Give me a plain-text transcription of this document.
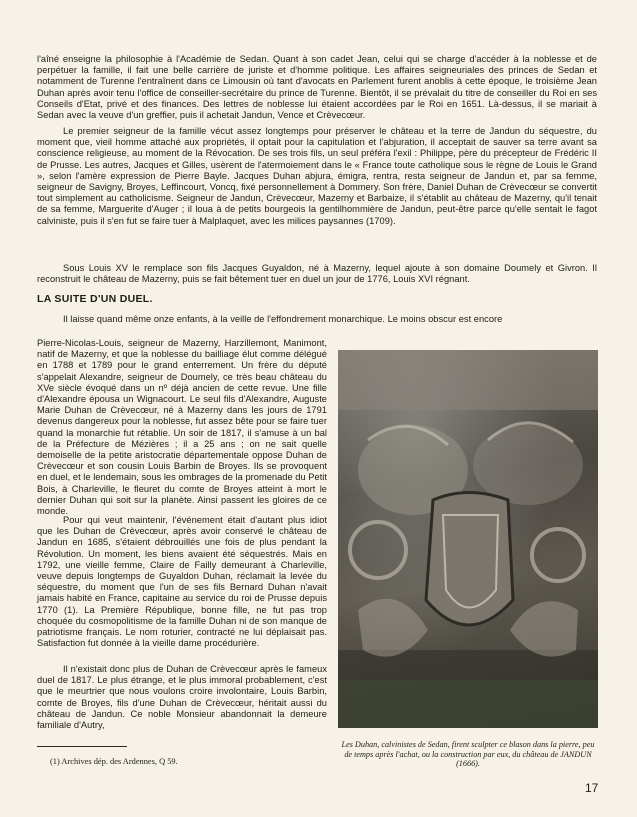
l'aîné enseigne la philosophie à l'Académie de Sedan. Quant à son cadet Jean, celui qui se charge d'accéder à la noblesse et de perpétuer la famille, il fait une belle carrière de juriste et d'homme politique. Les affaires seigneuriales des princes de Sedan et notamment de Turenne l'entraînent dans ce Limousin où tant d'avocats en Parlement furent anoblis à cette époque, le troisième Jean Duhan après avoir tenu l'office de conseiller-secrétaire du prince de Turenne. Bientôt, il se prévalait du titre de conseiller du Roi en ses Conseils d'Etat, privé et des finances. Des lettres de noblesse lui étaient accordées par le Roi en 1651. Là-dessus, il se mariait à Sedan avec la veuve d'un greffier, puis il achetait Jandun, Vence et Crèvecœur.

Le premier seigneur de la famille vécut assez longtemps pour préserver le château et la terre de Jandun du séquestre, du moment que, vieil homme attaché aux propriétés, il optait pour la capitulation et l'abjuration, il acceptait de sauver sa terre avant sa conscience religieuse, au moment de la Révocation. De ses trois fils, un seul préféra l'exil : Philippe, père du précepteur de Frédéric II de Prusse. Les autres, Jacques et Gilles, usèrent de l'atermoiement dans le « France toute catholique sous le règne de Louis le Grand », selon l'amère expression de Pierre Bayle. Jacques Duhan abjura, émigra, rentra, resta seigneur de Jandun et, par sa femme, seigneur de Savigny, Broyes, Leffincourt, Voncq, fixé personnellement à Dommery. Son frère, Daniel Duhan de Crèvecœur se convertit tout simplement au catholicisme. Seigneur de Jandun, Crèvecœur, Mazerny et Barbaize, il s'établit au château de Mazerny, qu'il tenait de sa femme, Marguerite d'Auger ; il loua à de petits bourgeois la gentilhommière de Jandun, peut-être parce qu'elle sentait le fagot calviniste, puis il s'en fut se faire tuer à Malplaquet, avec les milices paysannes (1709).

Sous Louis XV le remplace son fils Jacques Guyaldon, né à Mazerny, lequel ajoute à son domaine Doumely et Givron. Il reconstruit le château de Mazerny, puis se fait bêtement tuer en duel un jour de 1776, Louis XVI régnant.

LA SUITE D'UN DUEL.

Il laisse quand même onze enfants, à la veille de l'effondrement monarchique. Le moins obscur est encore

Pierre-Nicolas-Louis, seigneur de Mazerny, Harzillemont, Manimont, natif de Mazerny, et que la noblesse du bailliage élut comme délégué en 1788 et 1789 pour le grand enterrement. Un frère du député s'appelait Alexandre, seigneur de Doumely, ce très beau château du XVe siècle évoqué dans un nº déjà ancien de cette revue. Une fille d'Alexandre épousa un Wignacourt. Le seul fils d'Alexandre, Auguste Marie Duhan de Crèvecœur, né à Mazerny dans les jours de 1791 devenus dangereux pour la noblesse, fut assez bête pour se faire tuer quand la monarchie fut rétablie. Un soir de 1817, il s'amuse à un bal de la Préfecture de Mézières ; il a 25 ans ; on ne sait quelle demoiselle de la petite aristocratie départementale oppose Duhan de Crèvecœur et son cousin Louis Barbin de Broyes. Ils se provoquent en duel, et le lendemain, sous les ombrages de la promenade du Petit Bois, à Charleville, le fleuret du comte de Broyes atteint à mort le dernier Duhan qui soit sur la planète. Ainsi passent les gloires de ce monde.

Pour qui veut maintenir, l'événement était d'autant plus idiot que les Duhan de Crèvecœur, après avoir conservé le château de Jandun en 1685, s'étaient débrouillés une fois de plus pendant la Révolution. Un moment, les biens avaient été séquestrés. Mais en 1792, une vieille femme, Claire de Failly demeurant à Charleville, veuve depuis longtemps de Guyaldon Duhan, réclamait la levée du séquestre, du moment que l'un de ses fils Bernard Duhan n'avait jamais habité en France, capitaine au service du roi de Prusse depuis 1770 (1). La Première République, bonne fille, ne fut pas trop choquée du cosmopolitisme de la famille Duhan ni de son manque de patriotisme français. Le nom roturier, contracté ne lui déplaisait pas. Satisfaction fut donnée à la vieille dame procédurière.

Il n'existait donc plus de Duhan de Crèvecœur après le fameux duel de 1817. Le plus étrange, et le plus immoral probablement, c'est que le meurtrier que nous voulons croire involontaire, Louis Barbin, comte de Broyes, fils d'une Duhan de Crèvecœur, héritait aussi du château de Jandun. Ce noble Monsieur abandonnait la demeure familiale d'Autry,

Les Duhan, calvinistes de Sedan, firent sculpter ce blason dans la pierre, peu de temps après l'achat, ou la construction par eux, du château de JANDUN (1666).

(1) Archives dép. des Ardennes, Q 59.

17
